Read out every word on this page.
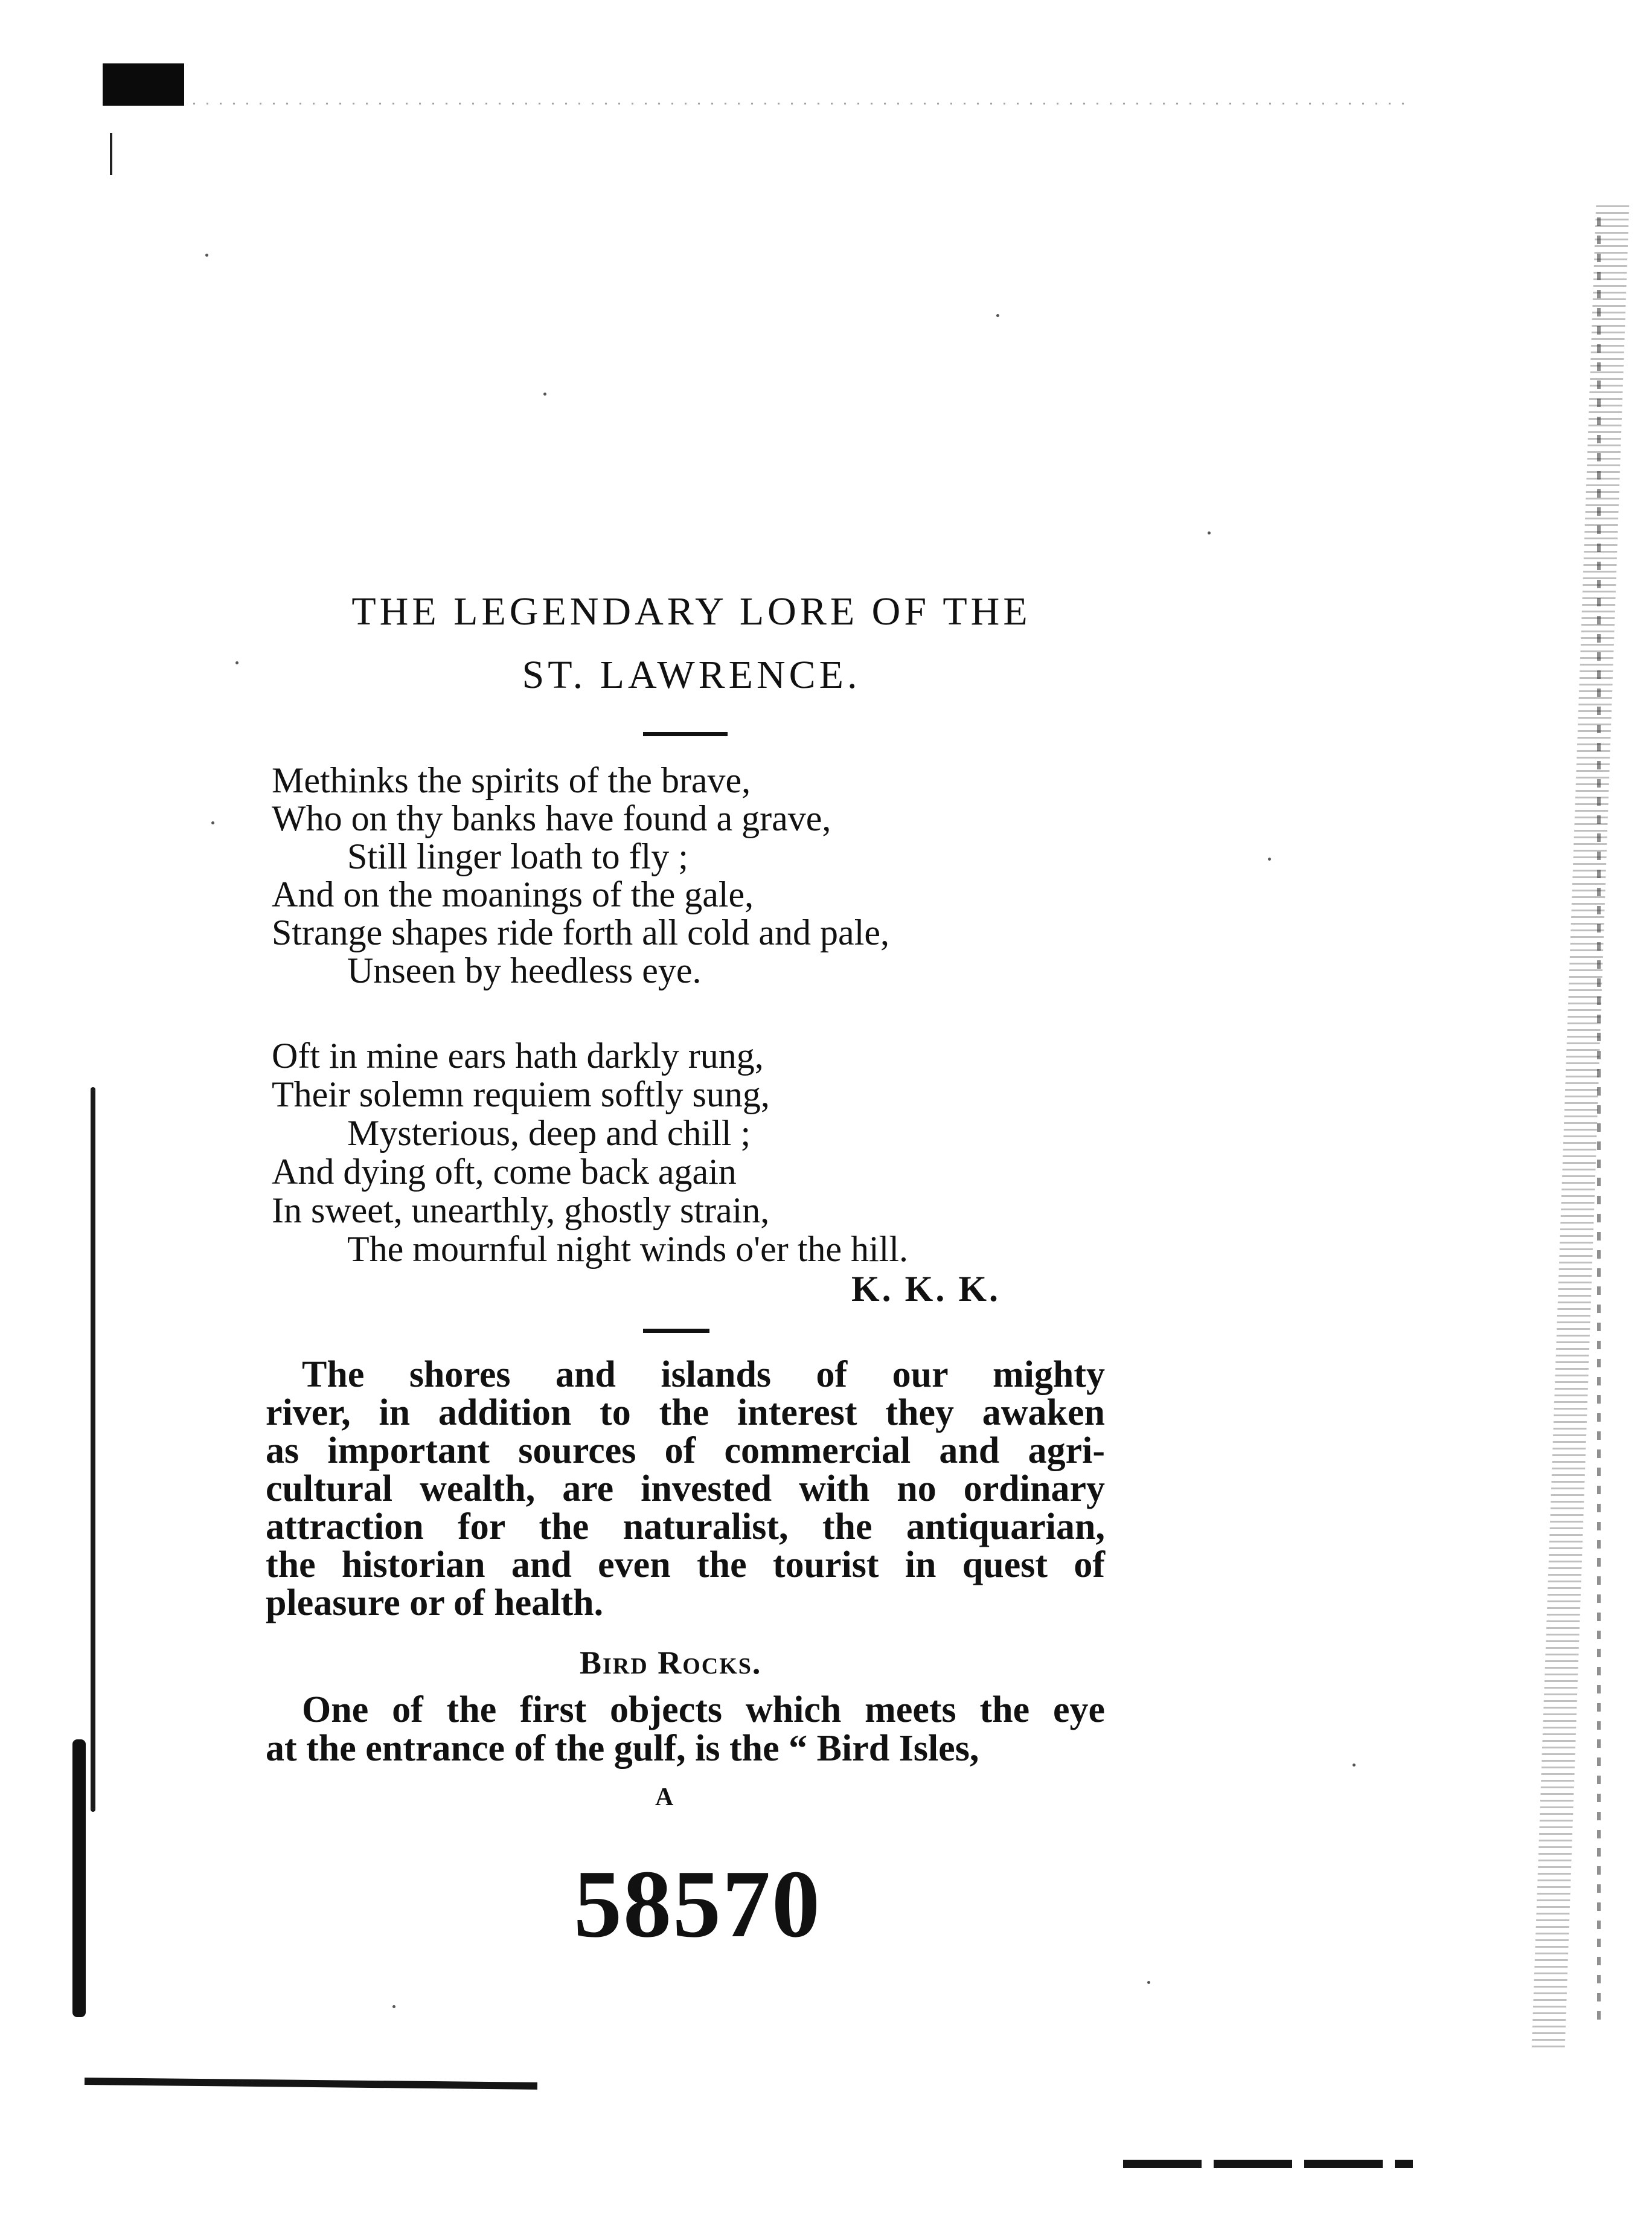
THE LEGENDARY LORE OF THE
ST. LAWRENCE.
Methinks the spirits of the brave,
Who on thy banks have found a grave,
Still linger loath to fly ;
And on the moanings of the gale,
Strange shapes ride forth all cold and pale,
Unseen by heedless eye.
Oft in mine ears hath darkly rung,
Their solemn requiem softly sung,
Mysterious, deep and chill ;
And dying oft, come back again
In sweet, unearthly, ghostly strain,
The mournful night winds o'er the hill.
K. K. K.
The shores and islands of our mighty
river, in addition to the interest they awaken
as important sources of commercial and agri-
cultural wealth, are invested with no ordinary
attraction for the naturalist, the antiquarian,
the historian and even the tourist in quest of
pleasure or of health.
Bird Rocks.
One of the first objects which meets the eye
at the entrance of the gulf, is the “ Bird Isles,
A
58570
